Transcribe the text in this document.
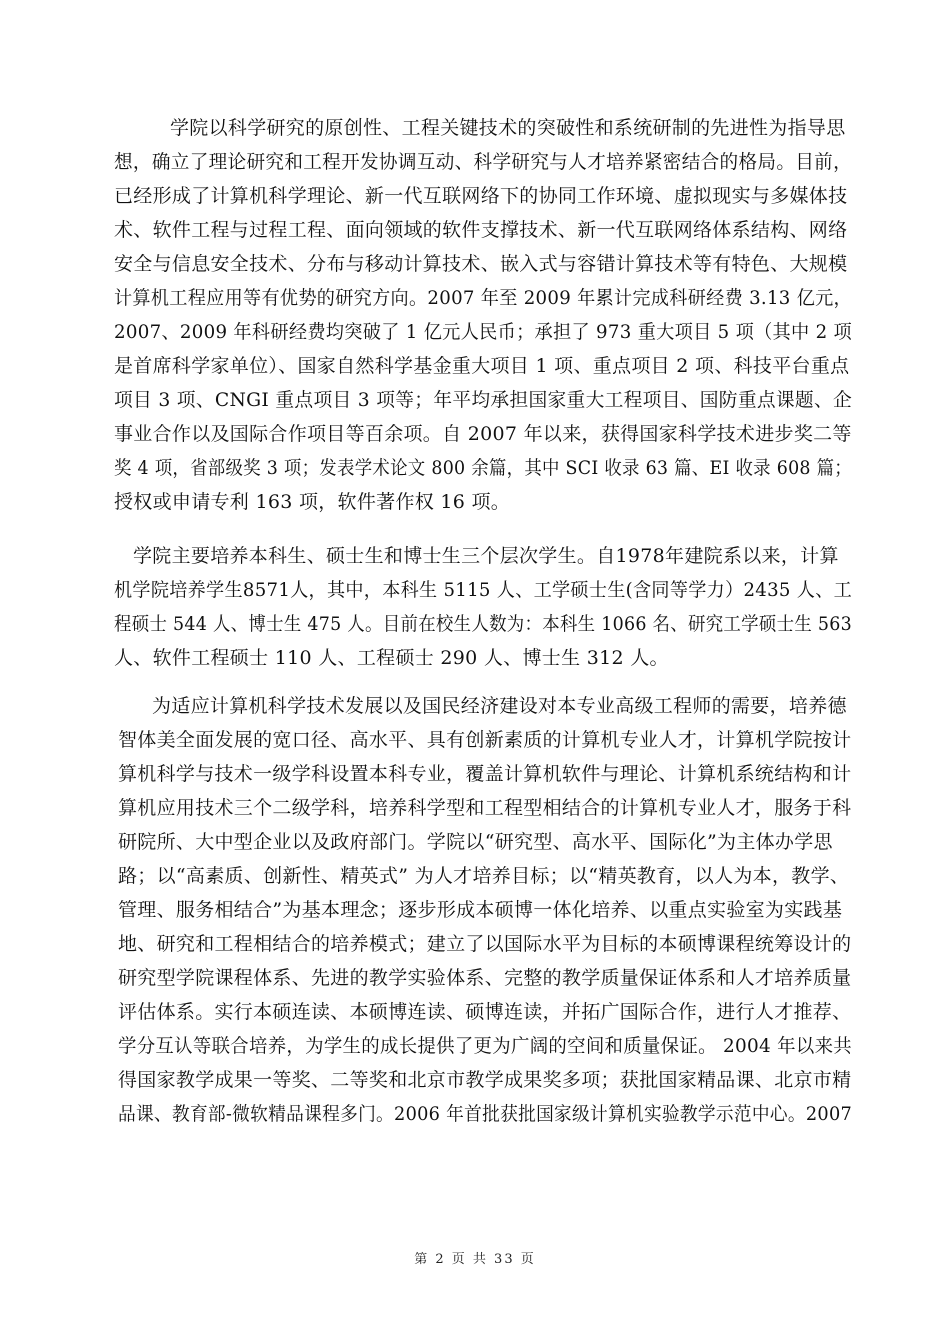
学院以科学研究的原创性、工程关键技术的突破性和系统研制的先进性为指导思
想，确立了理论研究和工程开发协调互动、科学研究与人才培养紧密结合的格局。目前，
已经形成了计算机科学理论、新一代互联网络下的协同工作环境、虚拟现实与多媒体技
术、软件工程与过程工程、面向领域的软件支撑技术、新一代互联网络体系结构、网络
安全与信息安全技术、分布与移动计算技术、嵌入式与容错计算技术等有特色、大规模
计算机工程应用等有优势的研究方向。2007 年至 2009 年累计完成科研经费 3.13 亿元，
2007、2009 年科研经费均突破了 1 亿元人民币；承担了 973 重大项目 5 项（其中 2 项
是首席科学家单位）、国家自然科学基金重大项目 1 项、重点项目 2 项、科技平台重点
项目 3 项、CNGI 重点项目 3 项等；年平均承担国家重大工程项目、国防重点课题、企
事业合作以及国际合作项目等百余项。自 2007 年以来，获得国家科学技术进步奖二等
奖 4 项，省部级奖 3 项；发表学术论文 800 余篇，其中 SCI 收录 63 篇、EI 收录 608 篇；
授权或申请专利 163 项，软件著作权 16 项。
学院主要培养本科生、硕士生和博士生三个层次学生。自1978年建院系以来，计算
机学院培养学生8571人，其中，本科生 5115 人、工学硕士生(含同等学力）2435 人、工
程硕士 544 人、博士生 475 人。目前在校生人数为：本科生 1066 名、研究工学硕士生 563
人、软件工程硕士 110 人、工程硕士 290 人、博士生 312 人。
为适应计算机科学技术发展以及国民经济建设对本专业高级工程师的需要，培养德
智体美全面发展的宽口径、高水平、具有创新素质的计算机专业人才，计算机学院按计
算机科学与技术一级学科设置本科专业，覆盖计算机软件与理论、计算机系统结构和计
算机应用技术三个二级学科，培养科学型和工程型相结合的计算机专业人才，服务于科
研院所、大中型企业以及政府部门。学院以“研究型、高水平、国际化”为主体办学思
路；以“高素质、创新性、精英式” 为人才培养目标；以“精英教育，以人为本，教学、
管理、服务相结合”为基本理念；逐步形成本硕博一体化培养、以重点实验室为实践基
地、研究和工程相结合的培养模式；建立了以国际水平为目标的本硕博课程统筹设计的
研究型学院课程体系、先进的教学实验体系、完整的教学质量保证体系和人才培养质量
评估体系。实行本硕连读、本硕博连读、硕博连读，并拓广国际合作，进行人才推荐、
学分互认等联合培养，为学生的成长提供了更为广阔的空间和质量保证。 2004 年以来共
得国家教学成果一等奖、二等奖和北京市教学成果奖多项；获批国家精品课、北京市精
品课、教育部-微软精品课程多门。2006 年首批获批国家级计算机实验教学示范中心。2007
第 2 页 共 33 页
